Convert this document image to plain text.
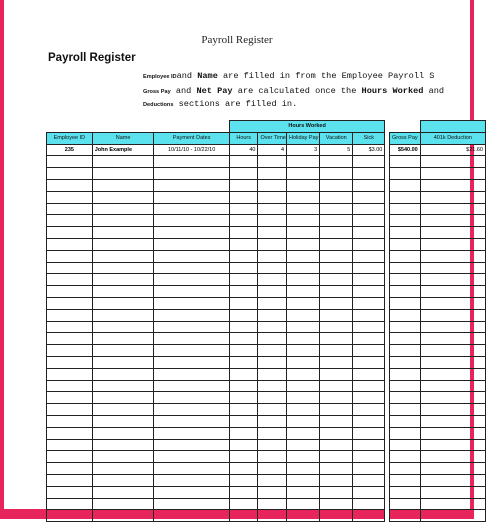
Payroll Register
Payroll Register
Employee IDand Name are filled in from the Employee Payroll S
Gross Pay and Net Pay are calculated once the Hours Worked and
Deductions sections are filled in.
			Hours Worked							
Employee ID	Name	Payment Dates	Hours	Over Time	Holiday Pay	Vacation	Sick		Gross Pay	401k Deduction
235	John Example	10/11/10 - 10/22/10	40	4	3	5	$3.00		$540.00	$21.60
